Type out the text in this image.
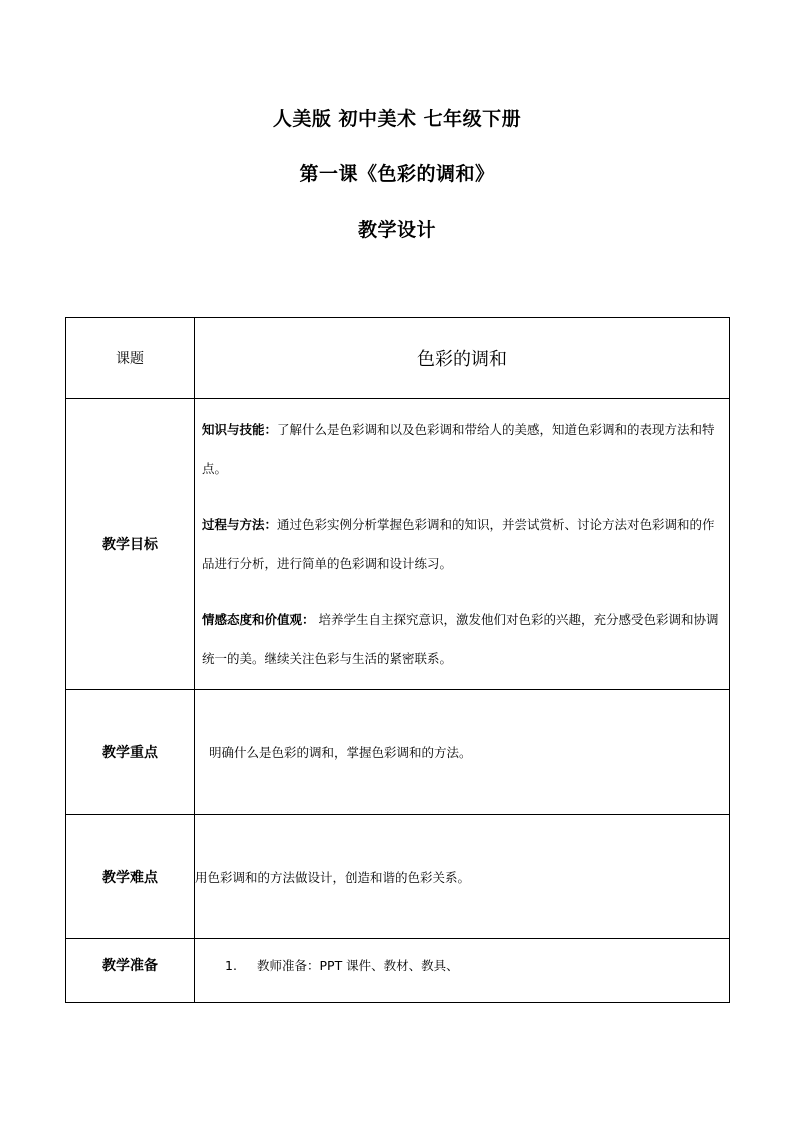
人美版 初中美术 七年级下册
第一课《色彩的调和》
教学设计
课题	色彩的调和
教学目标	知识与技能：了解什么是色彩调和以及色彩调和带给人的美感，知道色彩调和的表现方法和特点。

过程与方法：通过色彩实例分析掌握色彩调和的知识，并尝试赏析、讨论方法对色彩调和的作品进行分析，进行简单的色彩调和设计练习。

情感态度和价值观： 培养学生自主探究意识，激发他们对色彩的兴趣，充分感受色彩调和协调统一的美。继续关注色彩与生活的紧密联系。

教学重点	明确什么是色彩的调和，掌握色彩调和的方法。
教学难点	用色彩调和的方法做设计，创造和谐的色彩关系。
教学准备	1. 教师准备：PPT 课件、教材、教具、
